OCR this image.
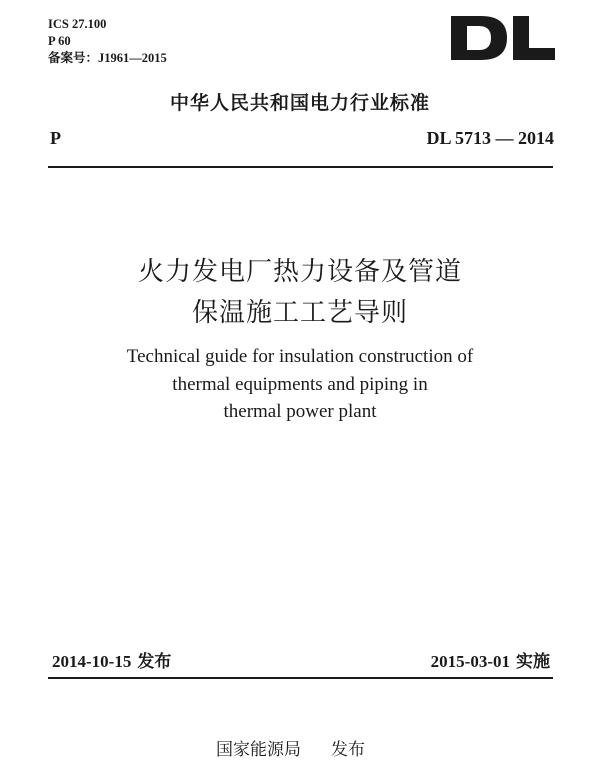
ICS 27.100
P 60
备案号：J1961—2015
中华人民共和国电力行业标准
P	DL 5713 — 2014
火力发电厂热力设备及管道
保温施工工艺导则
Technical guide for insulation construction of
thermal equipments and piping in
thermal power plant
2014-10-15 发布	2015-03-01 实施
国家能源局 发布
